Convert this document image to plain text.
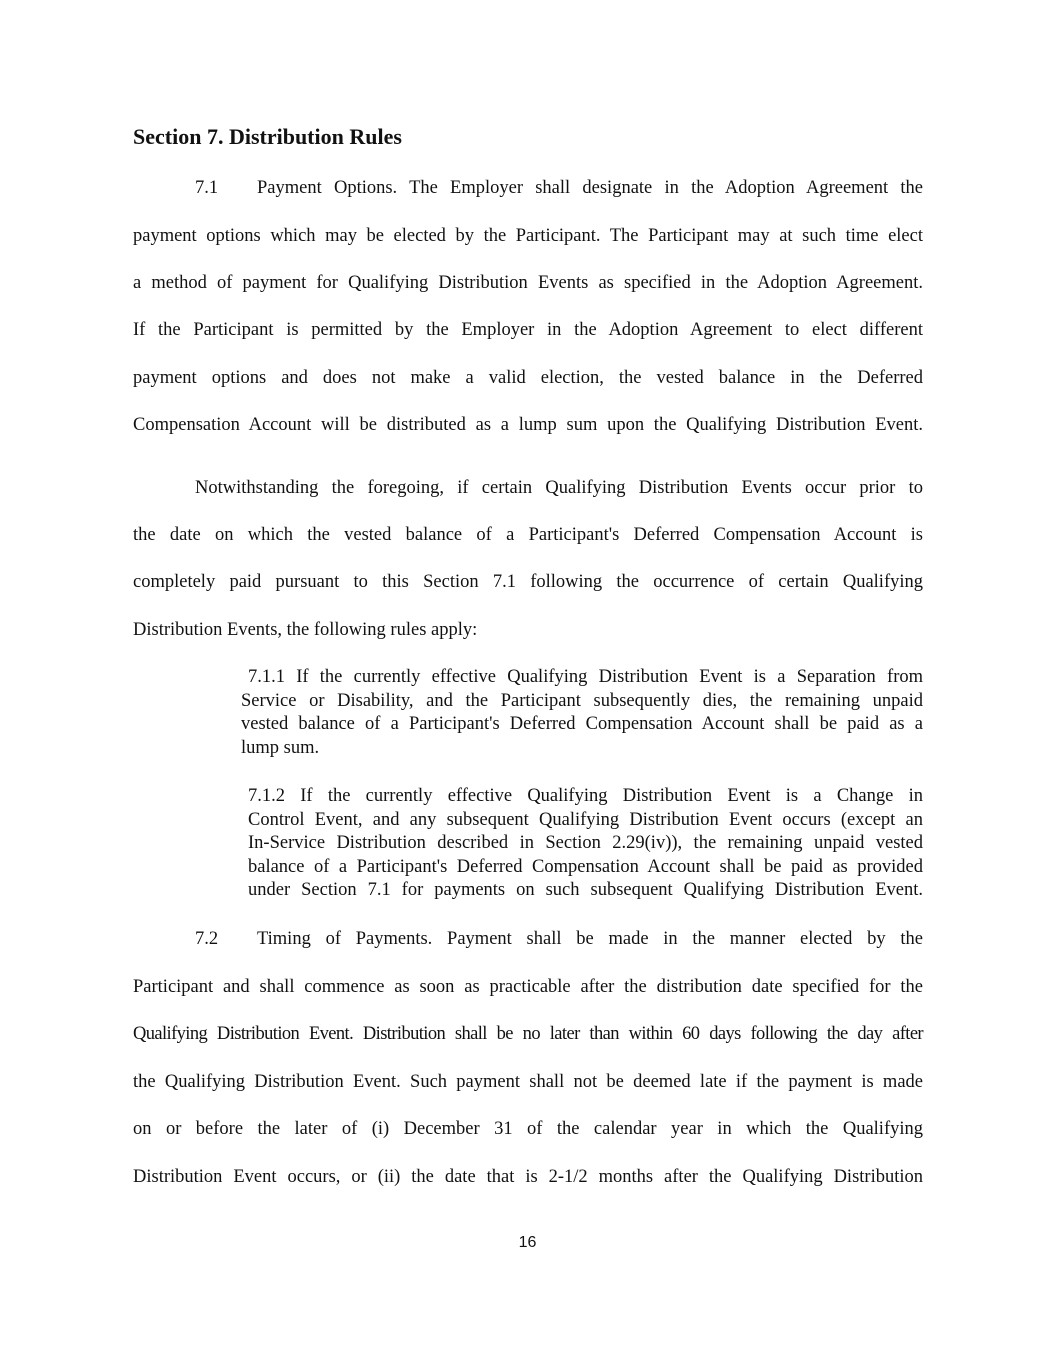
Section 7. Distribution Rules
7.1 Payment Options. The Employer shall designate in the Adoption Agreement the
payment options which may be elected by the Participant. The Participant may at such time elect
a method of payment for Qualifying Distribution Events as specified in the Adoption Agreement.
If the Participant is permitted by the Employer in the Adoption Agreement to elect different
payment options and does not make a valid election, the vested balance in the Deferred
Compensation Account will be distributed as a lump sum upon the Qualifying Distribution Event.
Notwithstanding the foregoing, if certain Qualifying Distribution Events occur prior to
the date on which the vested balance of a Participant's Deferred Compensation Account is
completely paid pursuant to this Section 7.1 following the occurrence of certain Qualifying
Distribution Events, the following rules apply:
7.1.1 If the currently effective Qualifying Distribution Event is a Separation from
Service or Disability, and the Participant subsequently dies, the remaining unpaid
vested balance of a Participant's Deferred Compensation Account shall be paid as a
lump sum.
7.1.2 If the currently effective Qualifying Distribution Event is a Change in
Control Event, and any subsequent Qualifying Distribution Event occurs (except an
In-Service Distribution described in Section 2.29(iv)), the remaining unpaid vested
balance of a Participant's Deferred Compensation Account shall be paid as provided
under Section 7.1 for payments on such subsequent Qualifying Distribution Event.
7.2 Timing of Payments. Payment shall be made in the manner elected by the
Participant and shall commence as soon as practicable after the distribution date specified for the
Qualifying Distribution Event. Distribution shall be no later than within 60 days following the day after
the Qualifying Distribution Event. Such payment shall not be deemed late if the payment is made
on or before the later of (i) December 31 of the calendar year in which the Qualifying
Distribution Event occurs, or (ii) the date that is 2-1/2 months after the Qualifying Distribution
16
